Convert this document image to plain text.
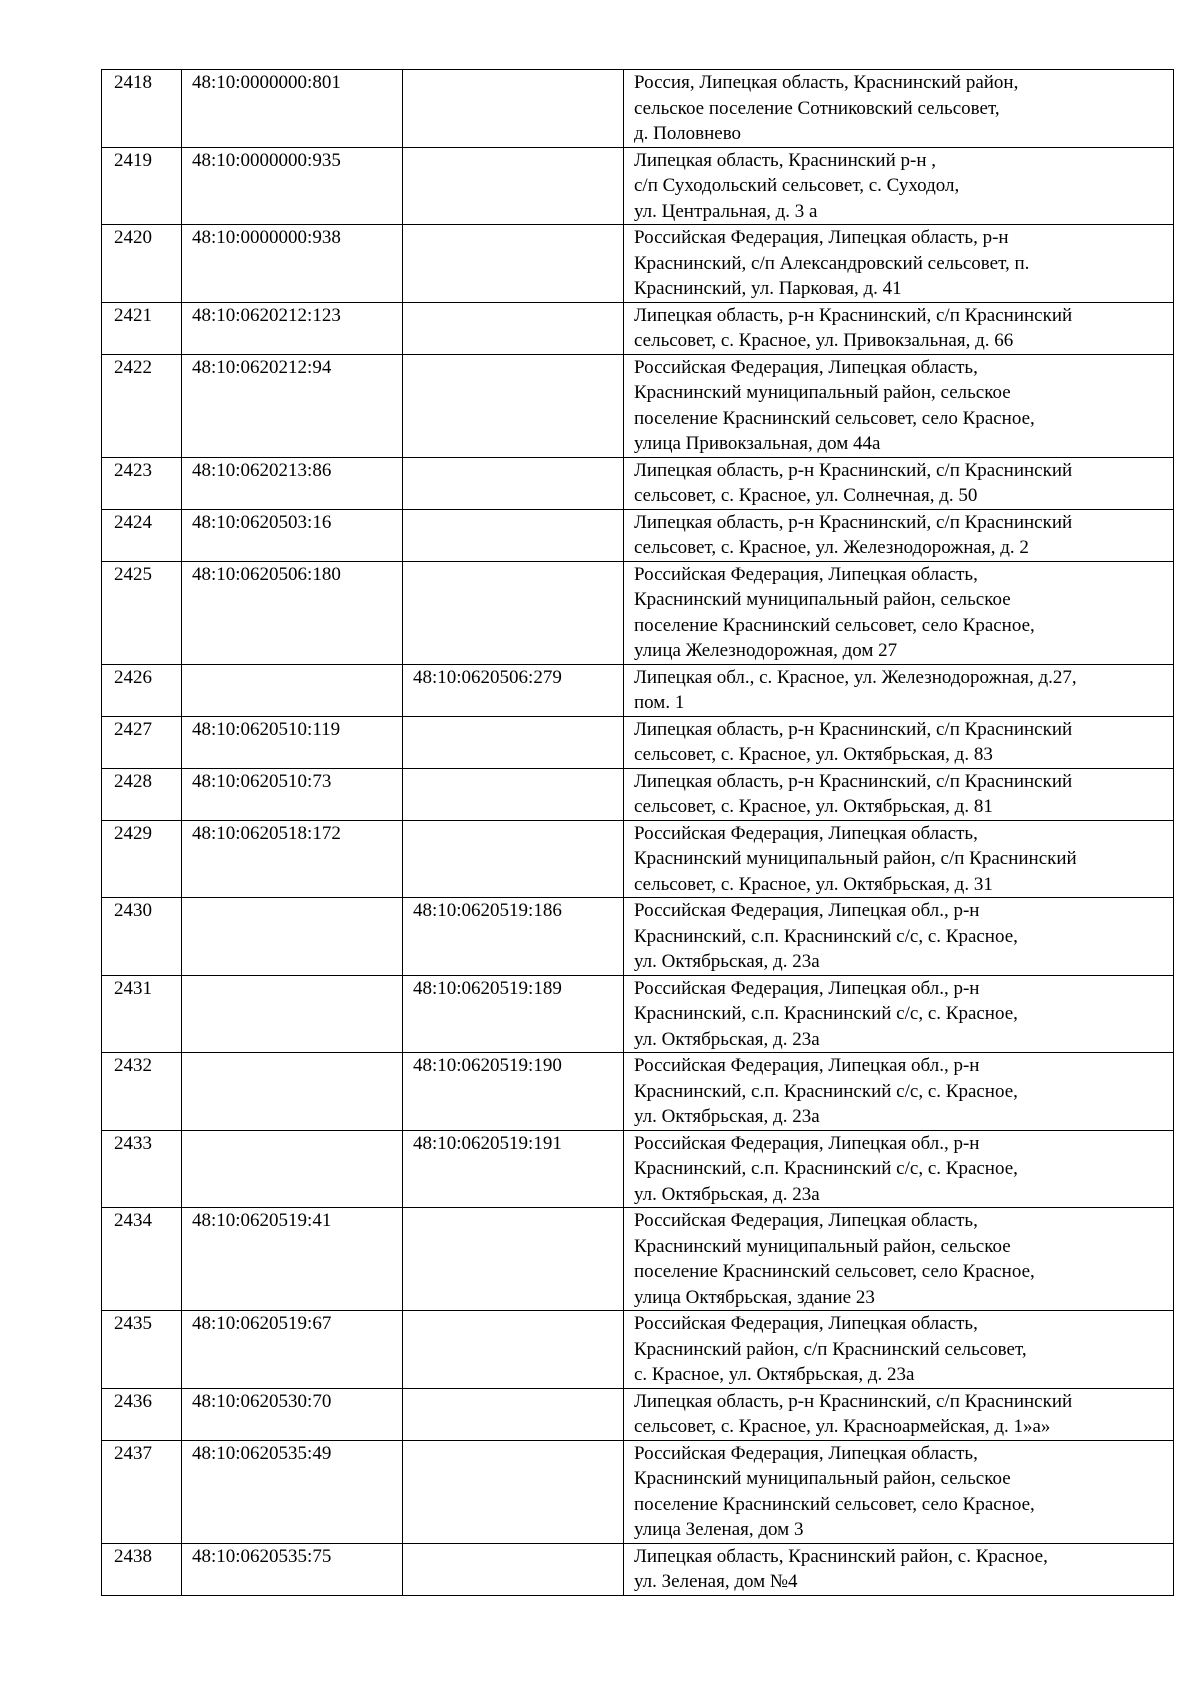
2418	48:10:0000000:801		Россия, Липецкая область, Краснинский район,
сельское поселение Сотниковский сельсовет,
д. Половнево

2419	48:10:0000000:935		Липецкая область, Краснинский р-н ,
с/п Суходольский сельсовет, с. Суходол,
ул. Центральная, д. 3 а

2420	48:10:0000000:938		Российская Федерация, Липецкая область, р-н
Краснинский, с/п Александровский сельсовет, п.
Краснинский, ул. Парковая, д. 41

2421	48:10:0620212:123		Липецкая область, р-н Краснинский, с/п Краснинский
сельсовет, с. Красное, ул. Привокзальная, д. 66

2422	48:10:0620212:94		Российская Федерация, Липецкая область,
Краснинский муниципальный район, сельское
поселение Краснинский сельсовет, село Красное,
улица Привокзальная, дом 44а

2423	48:10:0620213:86		Липецкая область, р-н Краснинский, с/п Краснинский
сельсовет, с. Красное, ул. Солнечная, д. 50

2424	48:10:0620503:16		Липецкая область, р-н Краснинский, с/п Краснинский
сельсовет, с. Красное, ул. Железнодорожная, д. 2

2425	48:10:0620506:180		Российская Федерация, Липецкая область,
Краснинский муниципальный район, сельское
поселение Краснинский сельсовет, село Красное,
улица Железнодорожная, дом 27

2426		48:10:0620506:279	Липецкая обл., с. Красное, ул. Железнодорожная, д.27,
пом. 1

2427	48:10:0620510:119		Липецкая область, р-н Краснинский, с/п Краснинский
сельсовет, с. Красное, ул. Октябрьская, д. 83

2428	48:10:0620510:73		Липецкая область, р-н Краснинский, с/п Краснинский
сельсовет, с. Красное, ул. Октябрьская, д. 81

2429	48:10:0620518:172		Российская Федерация, Липецкая область,
Краснинский муниципальный район, с/п Краснинский
сельсовет, с. Красное, ул. Октябрьская, д. 31

2430		48:10:0620519:186	Российская Федерация, Липецкая обл., р-н
Краснинский, с.п. Краснинский с/с, с. Красное,
ул. Октябрьская, д. 23а

2431		48:10:0620519:189	Российская Федерация, Липецкая обл., р-н
Краснинский, с.п. Краснинский с/с, с. Красное,
ул. Октябрьская, д. 23а

2432		48:10:0620519:190	Российская Федерация, Липецкая обл., р-н
Краснинский, с.п. Краснинский с/с, с. Красное,
ул. Октябрьская, д. 23а

2433		48:10:0620519:191	Российская Федерация, Липецкая обл., р-н
Краснинский, с.п. Краснинский с/с, с. Красное,
ул. Октябрьская, д. 23а

2434	48:10:0620519:41		Российская Федерация, Липецкая область,
Краснинский муниципальный район, сельское
поселение Краснинский сельсовет, село Красное,
улица Октябрьская, здание 23

2435	48:10:0620519:67		Российская Федерация, Липецкая область,
Краснинский район, с/п Краснинский сельсовет,
с. Красное, ул. Октябрьская, д. 23а

2436	48:10:0620530:70		Липецкая область, р-н Краснинский, с/п Краснинский
сельсовет, с. Красное, ул. Красноармейская, д. 1»а»

2437	48:10:0620535:49		Российская Федерация, Липецкая область,
Краснинский муниципальный район, сельское
поселение Краснинский сельсовет, село Красное,
улица Зеленая, дом 3

2438	48:10:0620535:75		Липецкая область, Краснинский район, с. Красное,
ул. Зеленая, дом №4
